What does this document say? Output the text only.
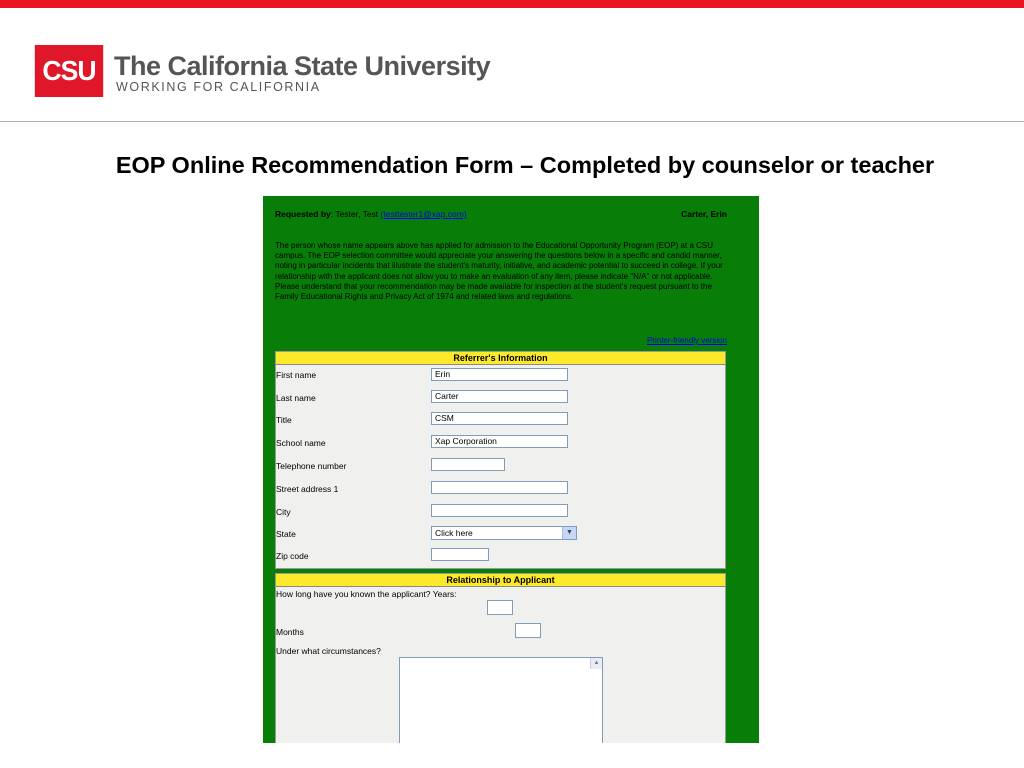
CSU The California State University
WORKING FOR CALIFORNIA
EOP Online Recommendation Form – Completed by counselor or teacher
Requested by: Tester, Test (testtester1@xap.com)	Carter, Erin
The person whose name appears above has applied for admission to the Educational Opportunity Program (EOP) at a CSU campus. The EOP selection committee would appreciate your answering the questions below in a specific and candid manner, noting in particular incidents that illustrate the student's maturity, initiative, and academic potential to succeed in college. If your relationship with the applicant does not allow you to make an evaluation of any item, please indicate "N/A" or not applicable. Please understand that your recommendation may be made available for inspection at the student's request pursuant to the Family Educational Rights and Privacy Act of 1974 and related laws and regulations.
Printer-friendly version
Referrer's Information
First name	Erin
Last name	Carter
Title	CSM
School name	Xap Corporation
Telephone number
Street address 1
City
State	Click here	▼
Zip code
Relationship to Applicant
How long have you known the applicant? Years:
Months
Under what circumstances?
▲
